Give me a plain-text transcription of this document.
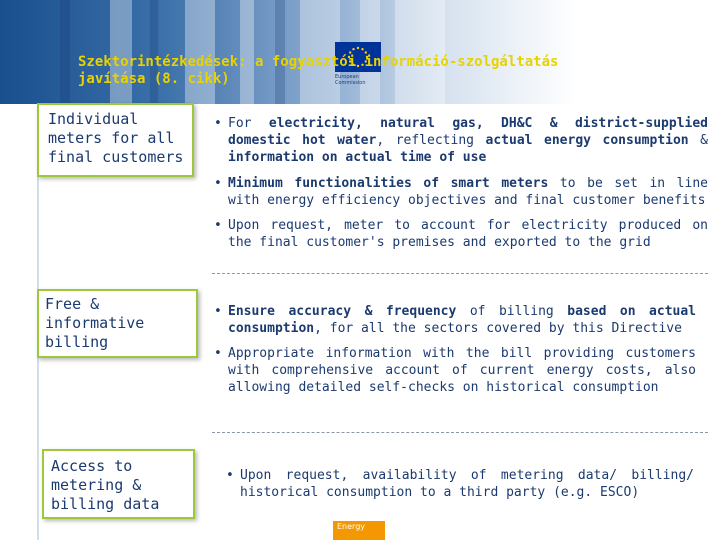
European
Commission
Szektorintézkedések: a fogyasztói információ-szolgáltatás
javítása (8. cikk)
Individual
meters for all
final customers
• For electricity, natural gas, DH&C & district-supplied domestic hot water, reflecting actual energy consumption & information on actual time of use
• Minimum functionalities of smart meters to be set in line with energy efficiency objectives and final customer benefits
• Upon request, meter to account for electricity produced on the final customer's premises and exported to the grid
Free &
informative
billing
• Ensure accuracy & frequency of billing based on actual consumption, for all the sectors covered by this Directive
• Appropriate information with the bill providing customers with comprehensive account of current energy costs, also allowing detailed self-checks on historical consumption
Access to
metering &
billing data
• Upon request, availability of metering data/ billing/ historical consumption to a third party (e.g. ESCO)
Energy
